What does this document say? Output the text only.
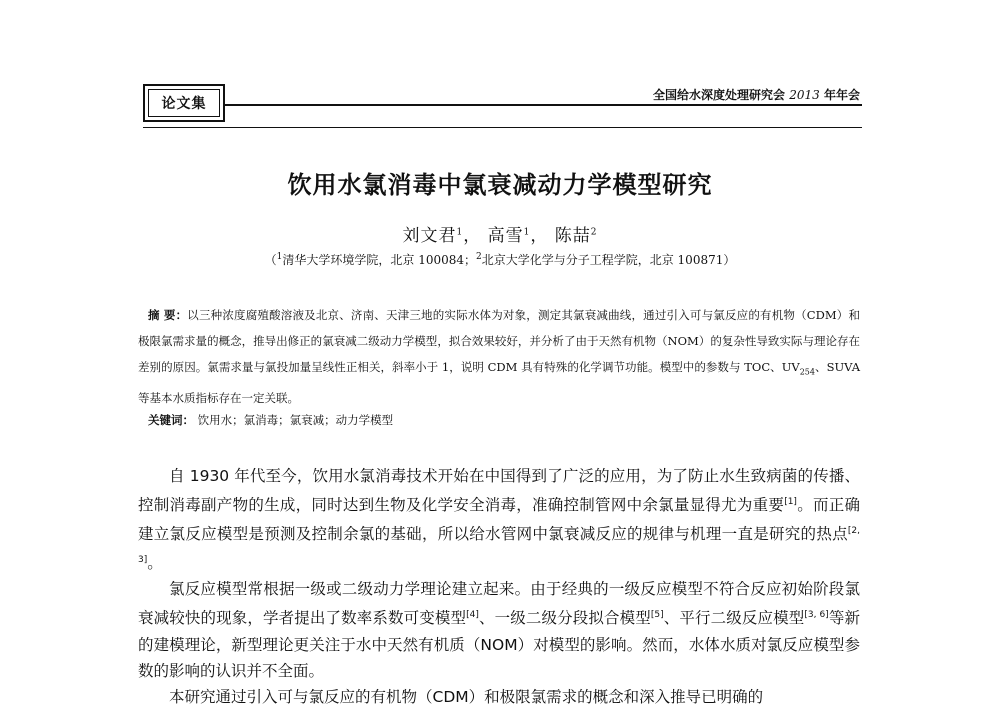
论文集
全国给水深度处理研究会 2013 年年会
饮用水氯消毒中氯衰减动力学模型研究
刘文君$^1$， 高雪$^1$， 陈喆$^2$
（$^1$清华大学环境学院，北京 100084；$^2$北京大学化学与分子工程学院，北京 100871）
摘 要：以三种浓度腐殖酸溶液及北京、济南、天津三地的实际水体为对象，测定其氯衰减曲线，通过引入可与氯反应的有机物（CDM）和极限氯需求量的概念，推导出修正的氯衰减二级动力学模型，拟合效果较好，并分析了由于天然有机物（NOM）的复杂性导致实际与理论存在差别的原因。氯需求量与氯投加量呈线性正相关，斜率小于 1，说明 CDM 具有特殊的化学调节功能。模型中的参数与 TOC、$UV_{254}$、SUVA 等基本水质指标存在一定关联。
关键词： 饮用水；氯消毒；氯衰减；动力学模型

自 1930 年代至今，饮用水氯消毒技术开始在中国得到了广泛的应用，为了防止水生致病菌的传播、控制消毒副产物的生成，同时达到生物及化学安全消毒，准确控制管网中余氯量显得尤为重要[1]。而正确建立氯反应模型是预测及控制余氯的基础，所以给水管网中氯衰减反应的规律与机理一直是研究的热点[2, 3]。

氯反应模型常根据一级或二级动力学理论建立起来。由于经典的一级反应模型不符合反应初始阶段氯衰减较快的现象，学者提出了数率系数可变模型[4]、一级二级分段拟合模型[5]、平行二级反应模型[3, 6]等新的建模理论，新型理论更关注于水中天然有机质（NOM）对模型的影响。然而，水体水质对氯反应模型参数的影响的认识并不全面。

本研究通过引入可与氯反应的有机物（CDM）和极限氯需求的概念和深入推导已明确的
